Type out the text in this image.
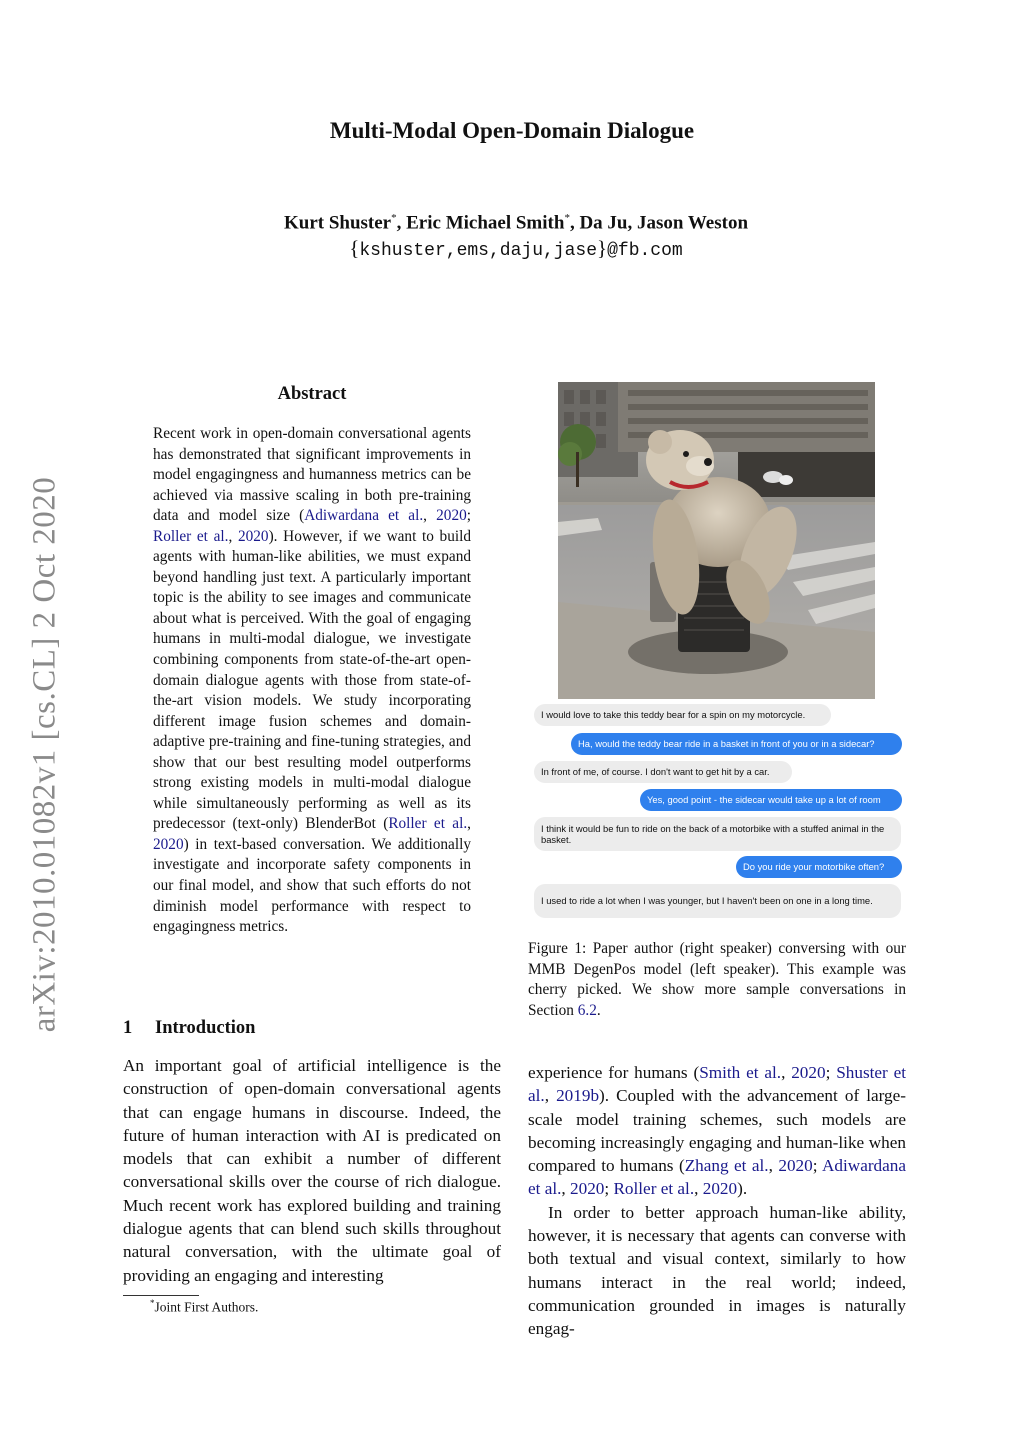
Multi-Modal Open-Domain Dialogue
Kurt Shuster*, Eric Michael Smith*, Da Ju, Jason Weston
{kshuster,ems,daju,jase}@fb.com
arXiv:2010.01082v1 [cs.CL] 2 Oct 2020
Abstract
Recent work in open-domain conversational agents has demonstrated that significant improvements in model engagingness and humanness metrics can be achieved via massive scaling in both pre-training data and model size (Adiwardana et al., 2020; Roller et al., 2020). However, if we want to build agents with human-like abilities, we must expand beyond handling just text. A particularly important topic is the ability to see images and communicate about what is perceived. With the goal of engaging humans in multi-modal dialogue, we investigate combining components from state-of-the-art open-domain dialogue agents with those from state-of-the-art vision models. We study incorporating different image fusion schemes and domain-adaptive pre-training and fine-tuning strategies, and show that our best resulting model outperforms strong existing models in multi-modal dialogue while simultaneously performing as well as its predecessor (text-only) BlenderBot (Roller et al., 2020) in text-based conversation. We additionally investigate and incorporate safety components in our final model, and show that such efforts do not diminish model performance with respect to engagingness metrics.
1 Introduction
An important goal of artificial intelligence is the construction of open-domain conversational agents that can engage humans in discourse. Indeed, the future of human interaction with AI is predicated on models that can exhibit a number of different conversational skills over the course of rich dialogue. Much recent work has explored building and training dialogue agents that can blend such skills throughout natural conversation, with the ultimate goal of providing an engaging and interesting
*Joint First Authors.
I would love to take this teddy bear for a spin on my motorcycle.
Ha, would the teddy bear ride in a basket in front of you or in a sidecar?
In front of me, of course. I don't want to get hit by a car.
Yes, good point - the sidecar would take up a lot of room
I think it would be fun to ride on the back of a motorbike with a stuffed animal in the basket.
Do you ride your motorbike often?
I used to ride a lot when I was younger, but I haven't been on one in a long time.
Figure 1: Paper author (right speaker) conversing with our MMB DegenPos model (left speaker). This example was cherry picked. We show more sample conversations in Section 6.2.

experience for humans (Smith et al., 2020; Shuster et al., 2019b). Coupled with the advancement of large-scale model training schemes, such models are becoming increasingly engaging and human-like when compared to humans (Zhang et al., 2020; Adiwardana et al., 2020; Roller et al., 2020).

In order to better approach human-like ability, however, it is necessary that agents can converse with both textual and visual context, similarly to how humans interact in the real world; indeed, communication grounded in images is naturally engag-
